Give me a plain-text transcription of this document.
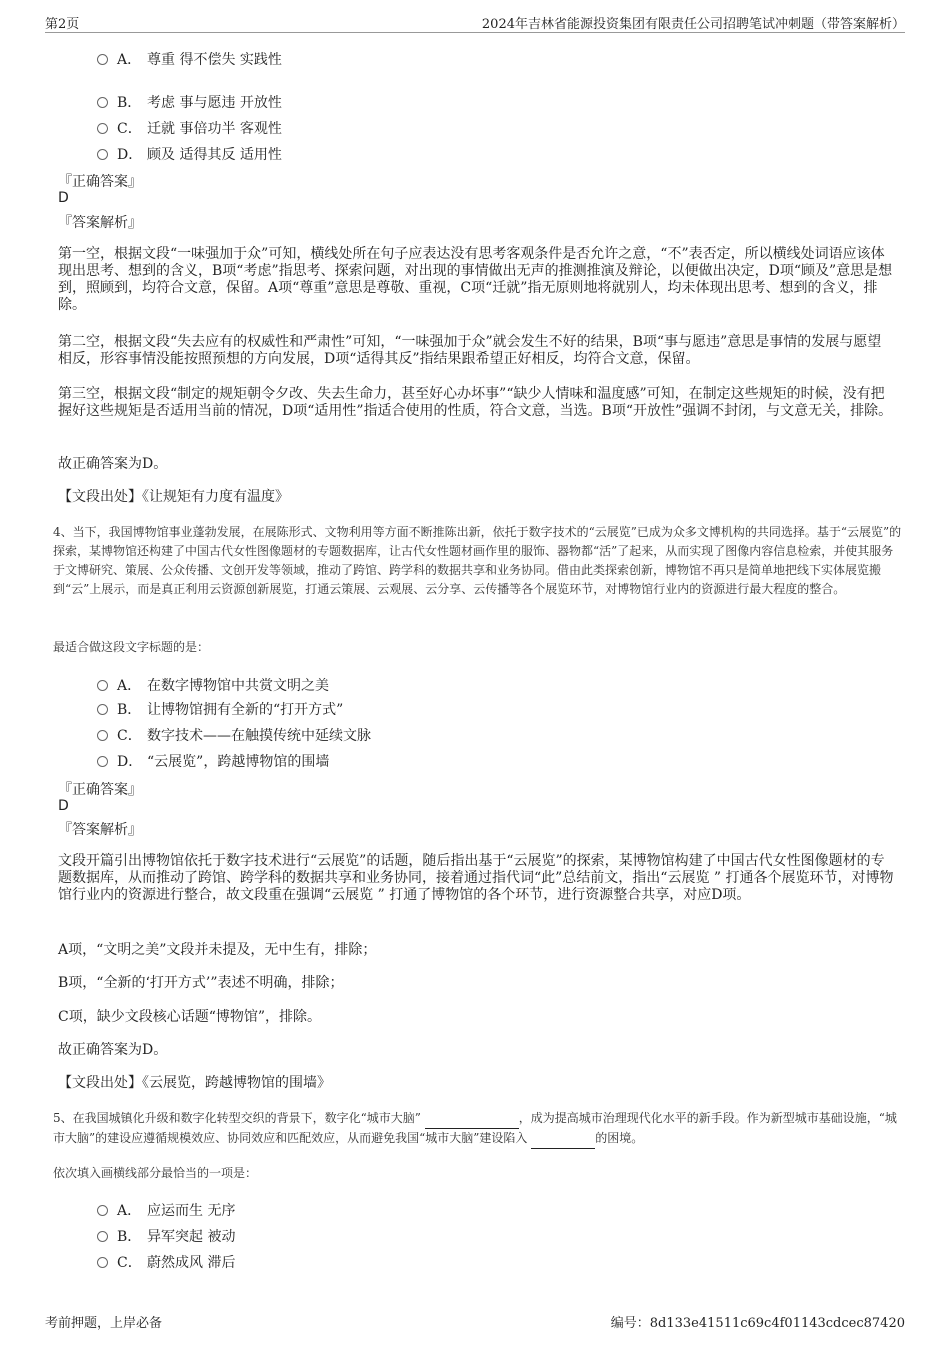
第2页	2024年吉林省能源投资集团有限责任公司招聘笔试冲刺题（带答案解析）
A． 尊重 得不偿失 实践性
B． 考虑 事与愿违 开放性
C． 迁就 事倍功半 客观性
D． 顾及 适得其反 适用性
『正确答案』
D
『答案解析』
第一空，根据文段“一味强加于众”可知，横线处所在句子应表达没有思考客观条件是否允许之意，“不”表否定，所以横线处词语应该体现出思考、想到的含义，B项“考虑”指思考、探索问题，对出现的事情做出无声的推测推演及辩论，以便做出决定，D项“顾及”意思是想到，照顾到，均符合文意，保留。A项“尊重”意思是尊敬、重视，C项“迁就”指无原则地将就别人，均未体现出思考、想到的含义，排除。
第二空，根据文段“失去应有的权威性和严肃性”可知，“一味强加于众”就会发生不好的结果，B项“事与愿违”意思是事情的发展与愿望相反，形容事情没能按照预想的方向发展，D项“适得其反”指结果跟希望正好相反，均符合文意，保留。
第三空，根据文段“制定的规矩朝令夕改、失去生命力，甚至好心办坏事”“缺少人情味和温度感”可知，在制定这些规矩的时候，没有把握好这些规矩是否适用当前的情况，D项“适用性”指适合使用的性质，符合文意，当选。B项“开放性”强调不封闭，与文意无关，排除。
故正确答案为D。
【文段出处】《让规矩有力度有温度》
4、当下，我国博物馆事业蓬勃发展，在展陈形式、文物利用等方面不断推陈出新，依托于数字技术的“云展览”已成为众多文博机构的共同选择。基于“云展览”的探索，某博物馆还构建了中国古代女性图像题材的专题数据库，让古代女性题材画作里的服饰、器物都“活”了起来，从而实现了图像内容信息检索，并使其服务于文博研究、策展、公众传播、文创开发等领域，推动了跨馆、跨学科的数据共享和业务协同。借由此类探索创新，博物馆不再只是简单地把线下实体展览搬到“云”上展示，而是真正利用云资源创新展览，打通云策展、云观展、云分享、云传播等各个展览环节，对博物馆行业内的资源进行最大程度的整合。
最适合做这段文字标题的是：
A． 在数字博物馆中共赏文明之美
B． 让博物馆拥有全新的“打开方式”
C． 数字技术——在触摸传统中延续文脉
D． “云展览”，跨越博物馆的围墙
『正确答案』
D
『答案解析』
文段开篇引出博物馆依托于数字技术进行“云展览”的话题，随后指出基于“云展览”的探索，某博物馆构建了中国古代女性图像题材的专题数据库，从而推动了跨馆、跨学科的数据共享和业务协同，接着通过指代词“此”总结前文，指出“云展览 ” 打通各个展览环节，对博物馆行业内的资源进行整合，故文段重在强调“云展览 ” 打通了博物馆的各个环节，进行资源整合共享，对应D项。
A项，“文明之美”文段并未提及，无中生有，排除；
B项，“全新的‘打开方式’”表述不明确，排除；
C项，缺少文段核心话题“博物馆”，排除。
故正确答案为D。
【文段出处】《云展览，跨越博物馆的围墙》
5、在我国城镇化升级和数字化转型交织的背景下，数字化“城市大脑”	，成为提高城市治理现代化水平的新手段。作为新型城市基础设施，“城市大脑”的建设应遵循规模效应、协同效应和匹配效应，从而避免我国“城市大脑”建设陷入	的困境。
依次填入画横线部分最恰当的一项是：
A． 应运而生 无序
B． 异军突起 被动
C． 蔚然成风 滞后
考前押题，上岸必备	编号：8d133e41511c69c4f01143cdcec87420
